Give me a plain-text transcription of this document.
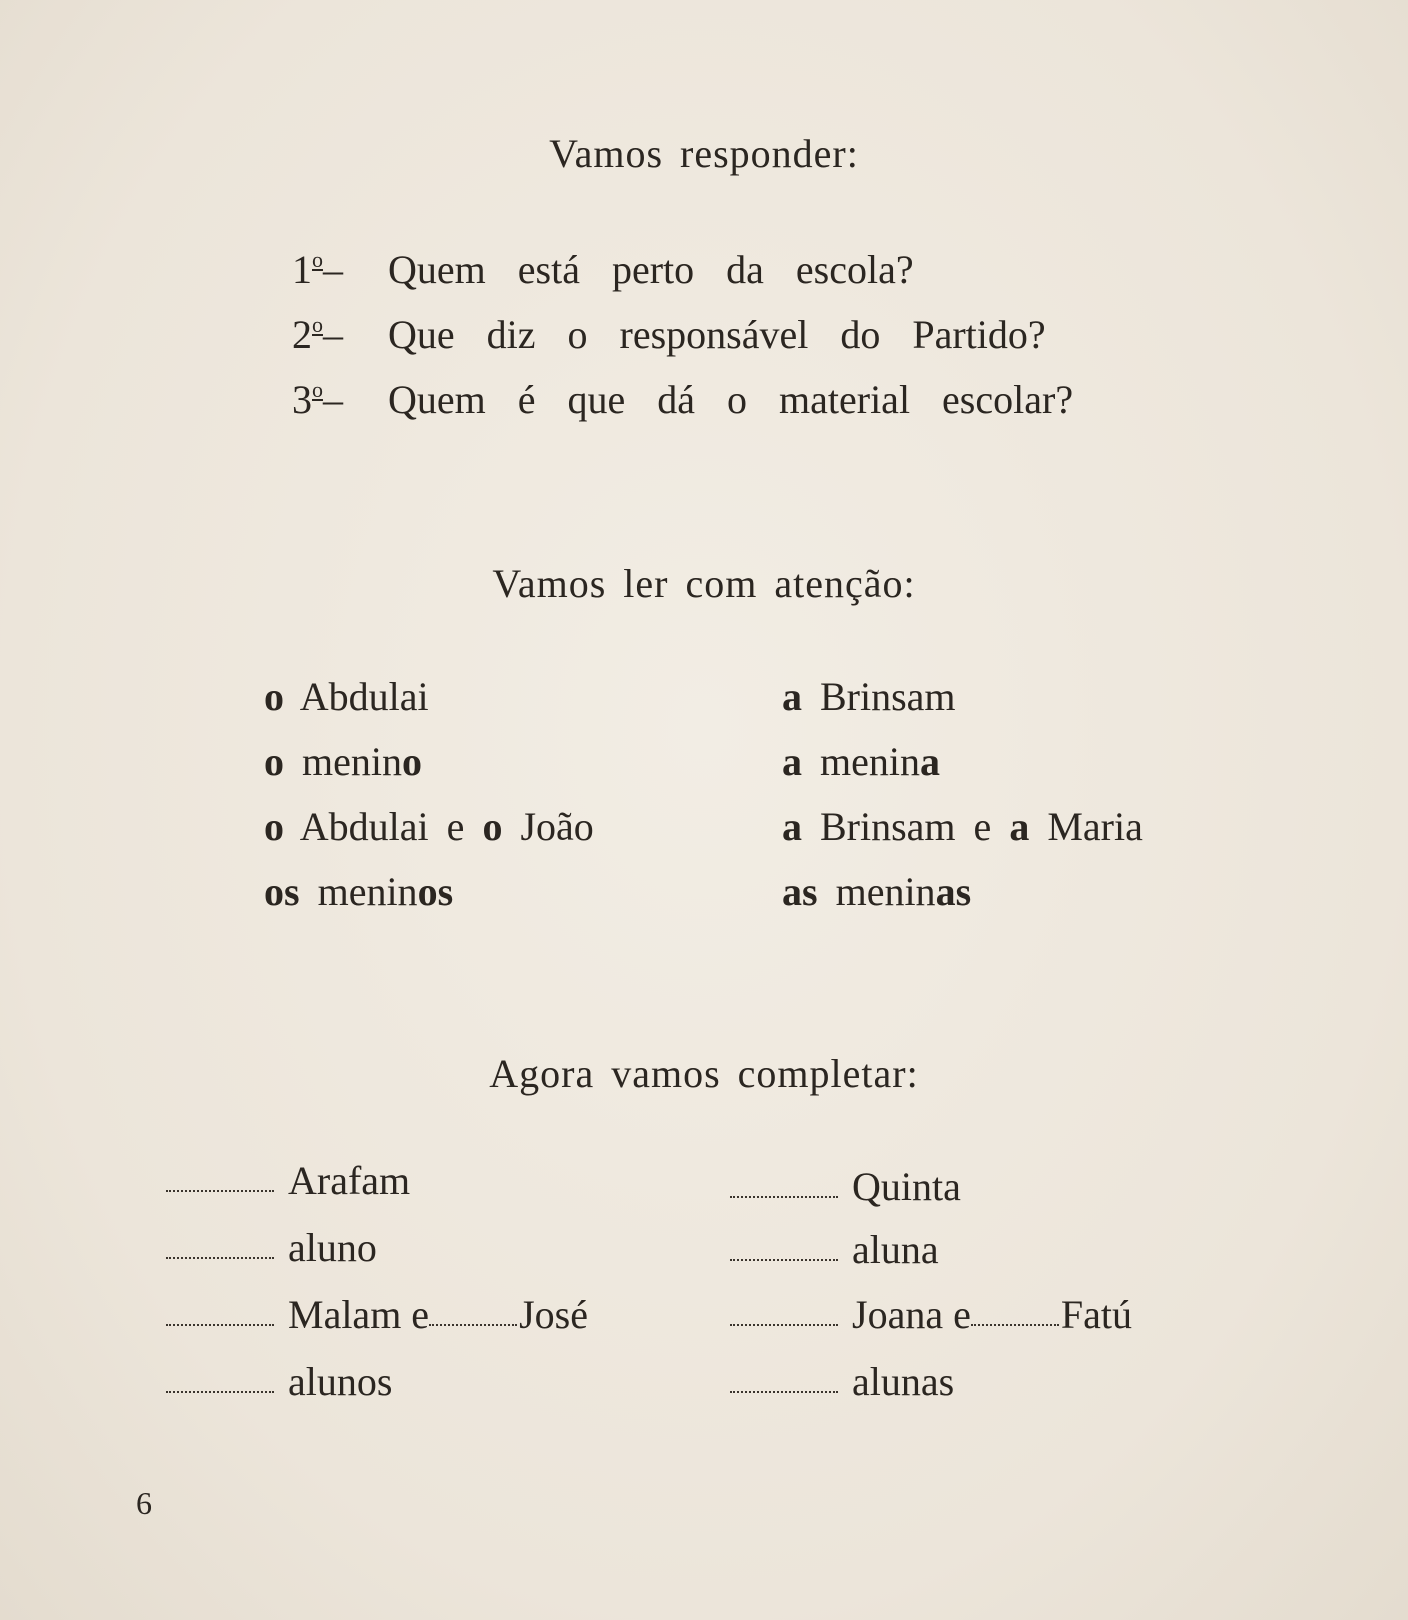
Vamos responder:
1$^o$– Quem está perto da escola?
2$^o$– Que diz o responsável do Partido?
3$^o$– Quem é que dá o material escolar?
Vamos ler com atenção:
o Abdulai
o menino
o Abdulai e o João
os meninos
a Brinsam
a menina
a Brinsam e a Maria
as meninas
Agora vamos completar:
Arafam
aluno
Malam e José
alunos
Quinta
aluna
Joana e Fatú
alunas
6
